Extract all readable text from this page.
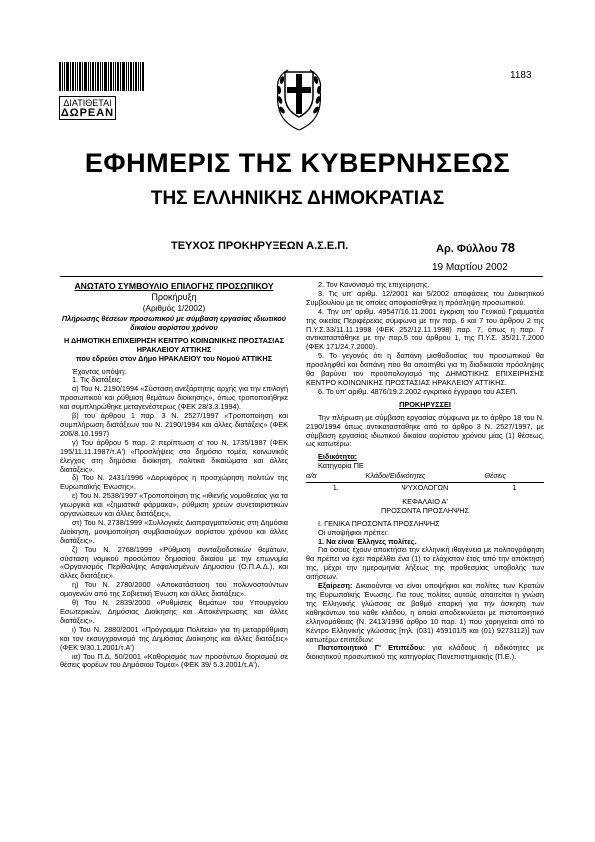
ΔΙΑΤΙΘΕΤΑΙ
ΔΩΡΕΑΝ
1183
ΕΦΗΜΕΡΙΣ ΤΗΣ ΚΥΒΕΡΝΗΣΕΩΣ
ΤΗΣ ΕΛΛΗΝΙΚΗΣ ΔΗΜΟΚΡΑΤΙΑΣ
ΤΕΥΧΟΣ ΠΡΟΚΗΡΥΞΕΩΝ Α.Σ.Ε.Π.	Αρ. Φύλλου 78
19 Μαρτίου 2002

ΑΝΩΤΑΤΟ ΣΥΜΒΟΥΛΙΟ ΕΠΙΛΟΓΗΣ ΠΡΟΣΩΠΙΚΟΥ

Προκήρυξη

(Αριθμός 1/2002)

Πλήρωσης θέσεων προσωπικού με σύμβαση εργασίας ιδιωτικού δικαίου αορίστου χρόνου

Η ΔΗΜΟΤΙΚΗ ΕΠΙΧΕΙΡΗΣΗ ΚΕΝΤΡΟ ΚΟΙΝΩΝΙΚΗΣ ΠΡΟΣΤΑΣΙΑΣ ΗΡΑΚΛΕΙΟΥ ΑΤΤΙΚΗΣ

που εδρεύει στον Δήμο ΗΡΑΚΛΕΙΟΥ του Νομού ΑΤΤΙΚΗΣ

Έχοντας υπόψη:

1. Τις διατάξεις:

α) Του Ν. 2190/1994 «Σύσταση ανεξάρτητης αρχής για την επιλογή προσωπικού και ρύθμιση θεμάτων διοίκησης», όπως τροποποιήθηκε και συμπληρώθηκε μεταγενέστερως (ΦΕΚ 28/3.3.1994).

β) του άρθρου 1 παρ. 3 Ν. 2527/1997 «Τροποποίηση και συμπλήρωση διατάξεων του Ν. 2190/1994 και άλλες διατάξεις» (ΦΕΚ 206/8.10.1997)

γ) Του άρθρου 5 παρ. 2 περίπτωση α' του Ν. 1735/1987 (ΦΕΚ 195/11.11.1987/τ.Α') «Προσλήψεις στο δημόσιο τομέα, κοινωνικός έλεγχος στη δημόσια διοίκηση, πολιτικά δικαιώματα και άλλες διατάξεις».

δ) Του Ν. 2431/1996 «Δορυφόρος η προσχώρηση πολιτών της Ευρωπαϊκής Ένωσης».

ε) Του Ν. 2538/1997 «Τροποποίηση της «ιθιενής νομοθεσίας για τα γεωργικά και «ζημιατικά φάρμακα», ρύθμιση χρεών συνεταιριστικών οργανώσεων και άλλες διατάξεις».

στ) Του Ν. 2738/1999 «Συλλογικές Διαπραγματεύσεις στη Δημόσια Διοίκηση, μονιμοποίηση συμβασιούχων αορίστου χρόνου και άλλες διατάξεις».

ζ) Του Ν. 2768/1999 «Ρύθμιση συνταξιοδοτικών θεμάτων, σύσταση νομικού προσώπου δημοσίου δικαίου με την επωνυμία «Οργανισμός Περίθαλψης Ασφαλισμένων Δημοσίου (Ο.Π.Α.Δ.), και άλλες διατάξεις».

η) Του Ν. 2780/2000 «Αποκατάσταση του πολυνοστούντων ομογενών από της Σοβιετική Ένωση και άλλες διατάξεις».

θ) Του Ν. 2839/2000 «Ρυθμίσεις θεμάτων του Υπουργείου Εσωτερικών, Δημόσιας Διοίκησης και Αποκέντρωσης και άλλες διατάξεις».

ι) Του Ν. 2880/2001 «Πρόγραμμα Πολιτεία» για τη μεταρρύθμιση και τον εκσυγχρονισμό της Δημόσιας Διοίκησης και άλλες διατάξεις» (ΦΕΚ 9/30.1.2001/τ.Α')

ια) Του Π.Δ. 50/2001 «Καθορισμός των προσόντων διορισμού σε θέσεις φορέων του Δημόσιου Τομέα» (ΦΕΚ 39/ 5.3.2001/τ.Α').

2. Τον Κανονισμό της επιχείρησης.

3. Τις υπ' αριθμ. 12/2001 και 5/2002 αποφάσεις του Διοικητικού Συμβουλίου με τις οποίες αποφασίσθηκε η πρόσληψη προσωπικού.

4. Την υπ' αριθμ. 49547/16.11.2001 έγκριση του Γενικού Γραμματέα της οικείας Περιφέρειας σύμφωνα με την παρ. 6 και 7 του άρθρου 2 της Π.Υ.Σ.33/11.11.1998 (ΦΕΚ 252/12.11.1998) παρ. 7, όπως η παρ. 7 αντικαταστάθηκε με την παρ.5 του άρθρου 1, της Π.Υ.Σ. 35/21.7.2000 (ΦΕΚ 171/24.7.2000).

5. Το γεγονός ότι η δαπάνη μισθοδοσίας του προσωπικού θα προσληφθεί και δαπάνη που θα απαιτηθεί για τη διαδικασία πρόσληψης θα βαρύνει τον προϋπολογισμό της ΔΗΜΟΤΙΚΗΣ ΕΠΙΧΕΙΡΗΣΗΣ ΚΕΝΤΡΟ ΚΟΙΝΩΝΙΚΗΣ ΠΡΟΣΤΑΣΙΑΣ ΗΡΑΚΛΕΙΟΥ ΑΤΤΙΚΗΣ.

6. Το υπ' αριθμ. 4876/19.2.2002 εγκριτικό έγγραφο του ΑΣΕΠ.

ΠΡΟΚΗΡΥΣΣΕΙ

Την πλήρωση με σύμβαση εργασίας σύμφωνα με το άρθρο 18 του Ν. 2190/1994 όπως αντικαταστάθηκε από το άρθρο 3 Ν. 2527/1997, με σύμβαση εργασίας ιδιωτικού δικαίου αορίστου χρόνου μίας (1) θέσεως, ως κατωτέρω:

Ειδικότητα:

Κατηγορία ΠΕ

α/α	Κλάδοι/Ειδικότητες	Θέσεις
1.	ΨΥΧΟΛΟΓΩΝ	1

ΚΕΦΑΛΑΙΟ Α'

ΠΡΟΣΟΝΤΑ ΠΡΟΣΛΗΨΗΣ

Ι. ΓΕΝΙΚΑ ΠΡΟΣΟΝΤΑ ΠΡΟΣΛΗΨΗΣ

Οι υποψήφιοι πρέπει:

1. Να είναι Έλληνες πολίτες.

Για όσους έχουν αποκτήσει την ελληνική ιθαγένεια με πολιτογράφηση θα πρέπει να έχει παρέλθει ένα (1) το ελάχιστον έτος από την απόκτησή της, μέχρι την ημερομηνία λήξεως της προθεσμίας υποβολής των αιτήσεων.

Εξαίρεση: Δικαιούνται να είναι υποψήφιοι και πολίτες των Κρατών της Ευρωπαϊκής Ένωσης. Για τους πολίτες αυτούς απαιτείται η γνώση της Ελληνικής γλώσσας σε βαθμό επαρκή για την άσκηση των καθηκόντων του κάθε κλάδου, η οποία αποδεικνύεται με πιστοποιητικό ελληνομάθειας (Ν. 2413/1996 άρθρο 10 παρ. 1) που χορηγείται από το Κέντρο Ελληνικής γλώσσας [τηλ. (031) 459101/5 και (01) 9273112)] των κατωτέρω επιπέδων:

Πιστοποιητικό Γ' Επιπέδου: για κλάδους ή ειδικότητες με διοικητικού προσωπικού της κατηγορίας Πανεπιστημιακής (Π.Ε.).
